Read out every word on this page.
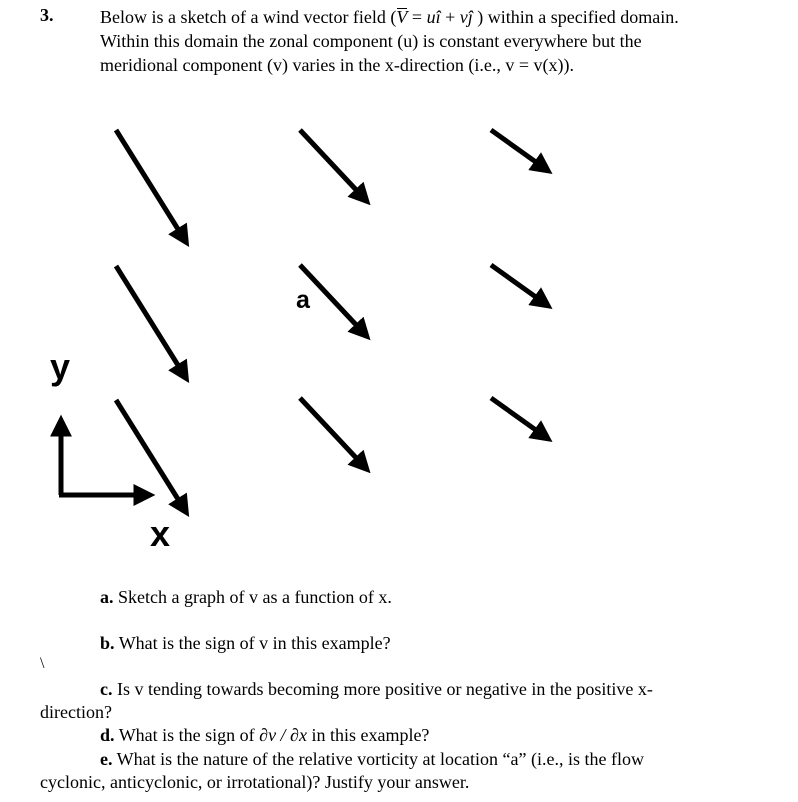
3.	Below is a sketch of a wind vector field (V
= uî + vĵ ) within a specified domain.
Within this domain the zonal component (u) is constant everywhere but the
meridional component (v) varies in the x-direction (i.e., v = v(x)).
a
y
x
a. Sketch a graph of v as a function of x.
b. What is the sign of v in this example?
\
c. Is v tending towards becoming more positive or negative in the positive x-
direction?
d. What is the sign of ∂v / ∂x in this example?
e. What is the nature of the relative vorticity at location “a” (i.e., is the flow
cyclonic, anticyclonic, or irrotational)? Justify your answer.
